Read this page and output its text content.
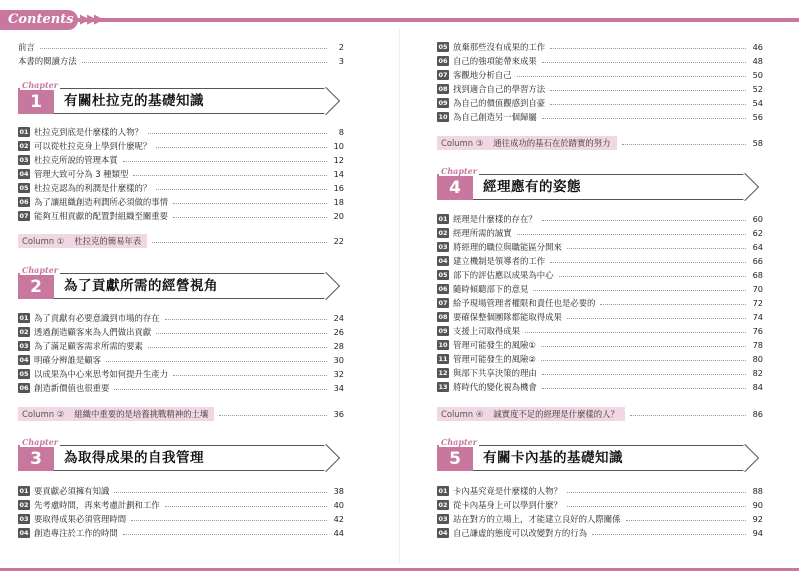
Contents ▶▶▶
前言	2
本書的閱讀方法	3
1
Chapter
有關杜拉克的基礎知識
01 杜拉克到底是什麼樣的人物？	8
02 可以從杜拉克身上學到什麼呢？	10
03 杜拉克所說的管理本質	12
04 管理大致可分為 3 種類型	14
05 杜拉克認為的利潤是什麼樣的？	16
06 為了讓組織創造利潤所必須做的事情	18
07 能夠互相貢獻的配置對組織至關重要	20
Column ① 杜拉克的簡易年表	22
2
Chapter
為了貢獻所需的經營視角
01 為了貢獻有必要意識到市場的存在	24
02 透過創造顧客來為人們做出貢獻	26
03 為了滿足顧客需求所需的要素	28
04 明確分辨誰是顧客	30
05 以成果為中心來思考如何提升生產力	32
06 創造新價值也很重要	34
Column ② 組織中重要的是培養挑戰精神的土壤	36
3
Chapter
為取得成果的自我管理
01 要貢獻必須擁有知識	38
02 先考慮時間，再來考慮計劃和工作	40
03 要取得成果必須管理時間	42
04 創造專注於工作的時間	44
05 放棄那些沒有成果的工作	46
06 自己的強項能帶來成果	48
07 客觀地分析自己	50
08 找到適合自己的學習方法	52
09 為自己的價值觀感到自豪	54
10 為自己創造另一個歸屬	56
Column ③ 通往成功的基石在於踏實的努力	58
4
Chapter
經理應有的姿態
01 經理是什麼樣的存在？	60
02 經理所需的誠實	62
03 將經理的職位與職能區分開來	64
04 建立機制是領導者的工作	66
05 部下的評估應以成果為中心	68
06 隨時傾聽部下的意見	70
07 給予現場管理者權限和責任也是必要的	72
08 要確保整個團隊都能取得成果	74
09 支援上司取得成果	76
10 管理可能發生的風險①	78
11 管理可能發生的風險②	80
12 與部下共享決策的理由	82
13 將時代的變化視為機會	84
Column ④ 誠實度不足的經理是什麼樣的人？	86
5
Chapter
有關卡內基的基礎知識
01 卡內基究竟是什麼樣的人物？	88
02 從卡內基身上可以學到什麼？	90
03 站在對方的立場上，才能建立良好的人際關係	92
04 自己謙虛的態度可以改變對方的行為	94
